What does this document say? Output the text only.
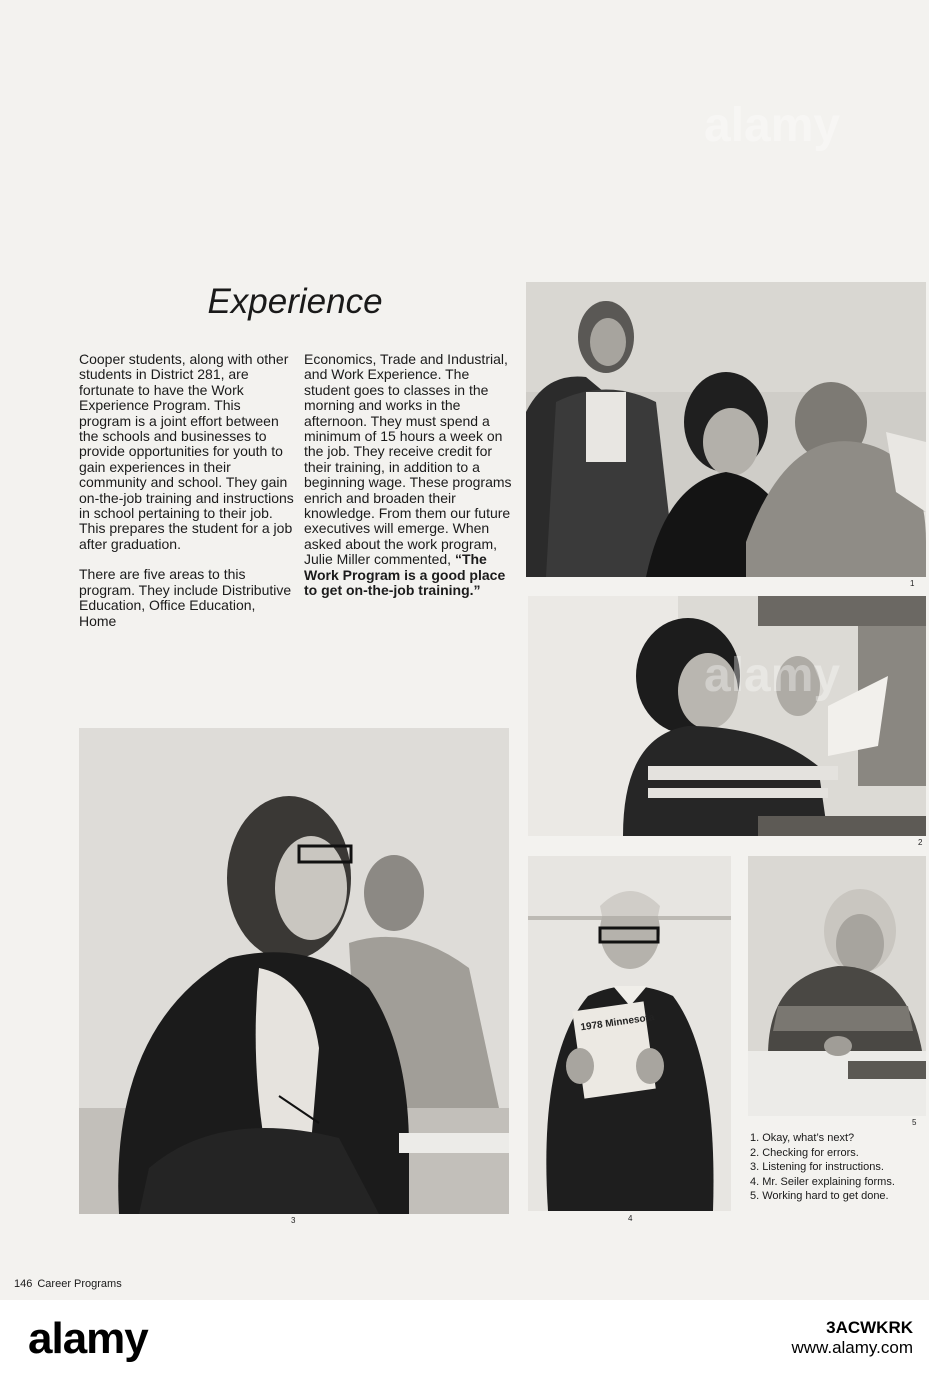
Experience

Cooper students, along with other students in District 281, are fortunate to have the Work Experience Program. This program is a joint effort between the schools and businesses to provide opportunities for youth to gain experiences in their community and school. They gain on-the-job training and instructions in school pertaining to their job. This prepares the student for a job after graduation.

There are five areas to this program. They include Distributive Education, Office Education, Home

Economics, Trade and Industrial, and Work Experience. The student goes to classes in the morning and works in the afternoon. They must spend a minimum of 15 hours a week on the job. They receive credit for their training, in addition to a beginning wage. These programs enrich and broaden their knowledge. From them our future executives will emerge. When asked about the work program, Julie Miller commented, “The Work Program is a good place to get on-the-job training.”	1
2
3
1978 Minnesota
4
5
1. Okay, what’s next?
2. Checking for errors.
3. Listening for instructions.
4. Mr. Seiler explaining forms.
5. Working hard to get done.
146 Career Programs
alamy
alamy
alamy	3ACWKRK
www.alamy.com
